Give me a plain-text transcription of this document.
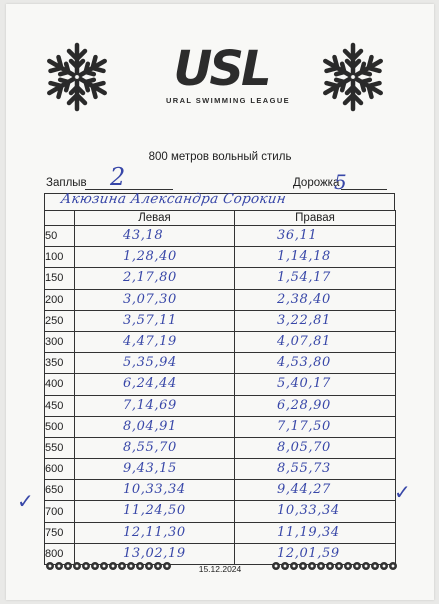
USL
URAL SWIMMING LEAGUE
800 метров вольный стиль
Заплыв 2	Дорожка
5
Акюзина Александра Сорокин
	Левая	Правая
50	43,18	36,11

100	1,28,40	1,14,18

150	2,17,80	1,54,17

200	3,07,30	2,38,40

250	3,57,11	3,22,81

300	4,47,19	4,07,81

350	5,35,94	4,53,80

400	6,24,44	5,40,17

450	7,14,69	6,28,90

500	8,04,91	7,17,50

550	8,55,70	8,05,70

600	9,43,15	8,55,73

650	10,33,34	9,44,27

700	11,24,50	10,33,34

750	12,11,30	11,19,34

800	13,02,19	12,01,59
✓	✓
15.12.2024
